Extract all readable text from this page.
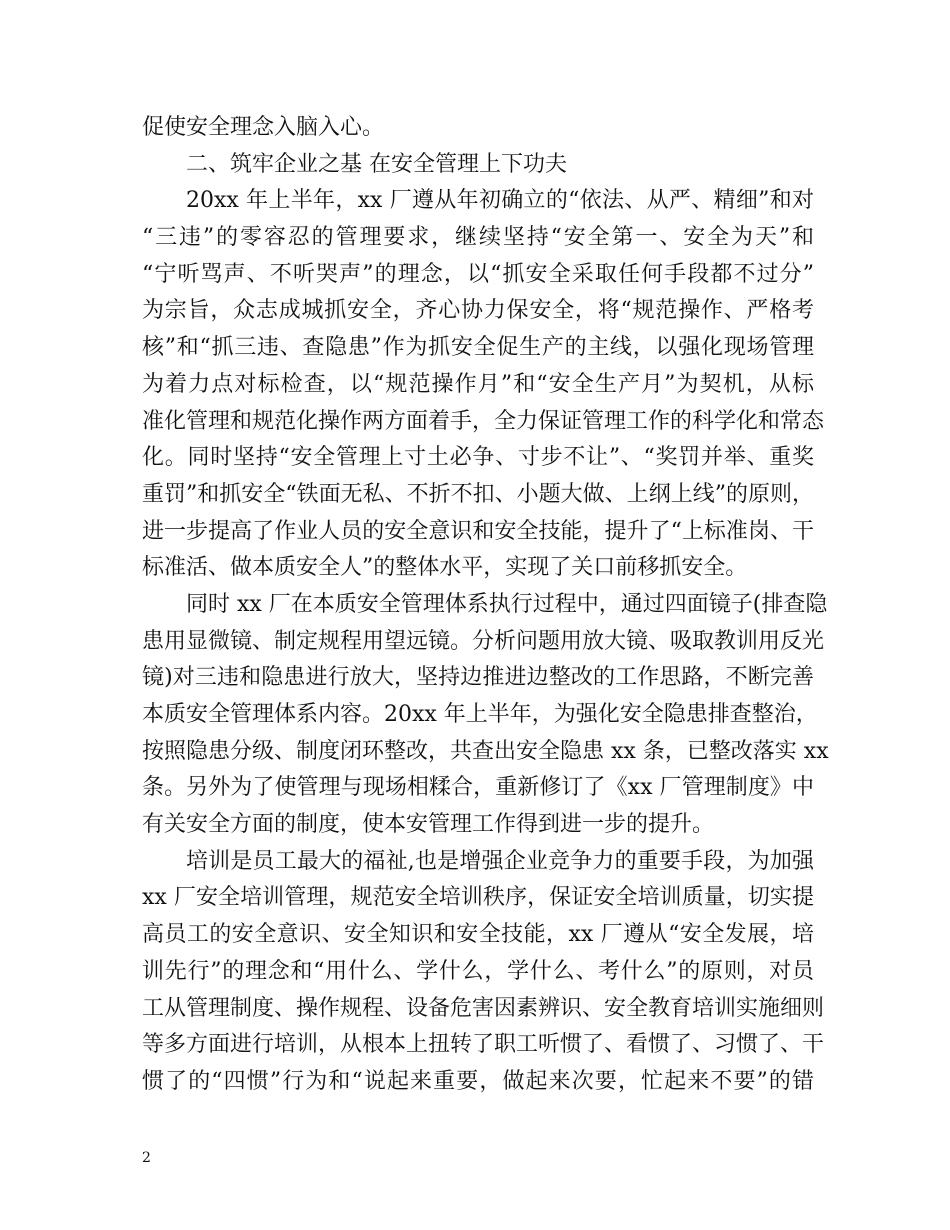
促使安全理念入脑入心。
二、筑牢企业之基 在安全管理上下功夫
20xx 年上半年，xx 厂遵从年初确立的“依法、从严、精细”和对
“三违”的零容忍的管理要求，继续坚持“安全第一、安全为天”和
“宁听骂声、不听哭声”的理念，以“抓安全采取任何手段都不过分”
为宗旨，众志成城抓安全，齐心协力保安全，将“规范操作、严格考
核”和“抓三违、查隐患”作为抓安全促生产的主线，以强化现场管理
为着力点对标检查，以“规范操作月”和“安全生产月”为契机，从标
准化管理和规范化操作两方面着手，全力保证管理工作的科学化和常态
化。同时坚持“安全管理上寸土必争、寸步不让”、“奖罚并举、重奖
重罚”和抓安全“铁面无私、不折不扣、小题大做、上纲上线”的原则，
进一步提高了作业人员的安全意识和安全技能，提升了“上标准岗、干
标准活、做本质安全人”的整体水平，实现了关口前移抓安全。
同时 xx 厂在本质安全管理体系执行过程中，通过四面镜子(排查隐
患用显微镜、制定规程用望远镜。分析问题用放大镜、吸取教训用反光
镜)对三违和隐患进行放大，坚持边推进边整改的工作思路，不断完善
本质安全管理体系内容。20xx 年上半年，为强化安全隐患排查整治，
按照隐患分级、制度闭环整改，共查出安全隐患 xx 条，已整改落实 xx
条。另外为了使管理与现场相糅合，重新修订了《xx 厂管理制度》中
有关安全方面的制度，使本安管理工作得到进一步的提升。
培训是员工最大的福祉,也是增强企业竞争力的重要手段，为加强
xx 厂安全培训管理，规范安全培训秩序，保证安全培训质量，切实提
高员工的安全意识、安全知识和安全技能，xx 厂遵从“安全发展，培
训先行”的理念和“用什么、学什么，学什么、考什么”的原则，对员
工从管理制度、操作规程、设备危害因素辨识、安全教育培训实施细则
等多方面进行培训，从根本上扭转了职工听惯了、看惯了、习惯了、干
惯了的“四惯”行为和“说起来重要，做起来次要，忙起来不要”的错
2
